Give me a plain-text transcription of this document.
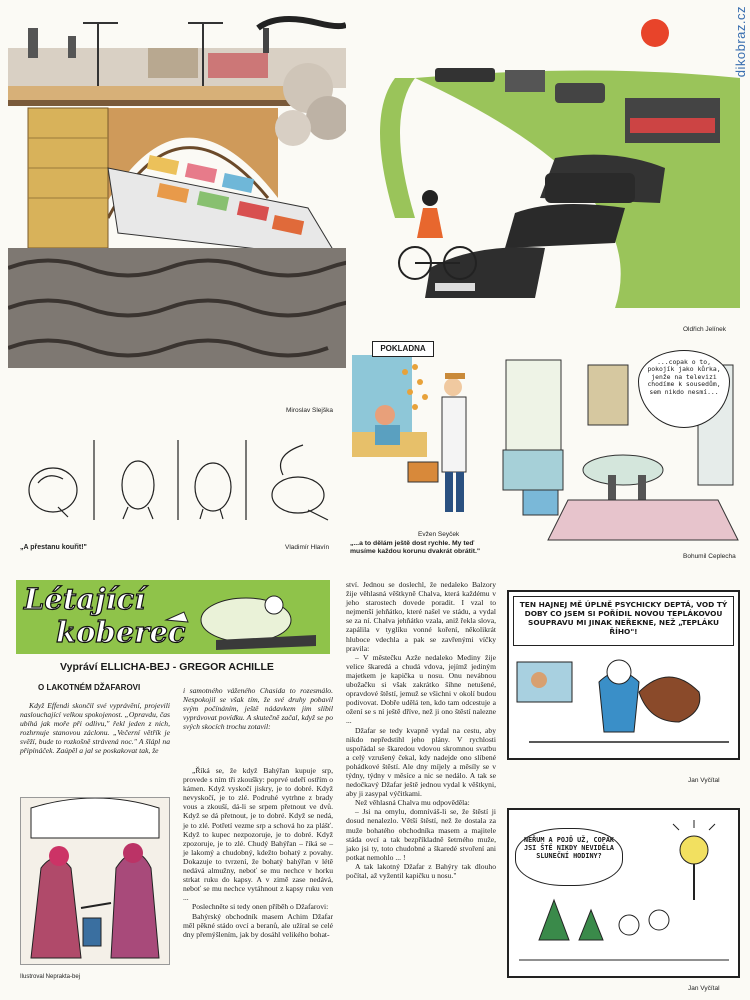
dikobraz.cz
Miroslav Slejška
Oldřich Jelínek
„A přestanu kouřit!"	Vladimír Hlavín
POKLADNA
Evžen Seyček
„...a to dělám ještě dost rychle. My teď musíme každou korunu dvakrát obrátit."
...copak o to, pokojík jako kůrka, jenže na televizi chodíme k sousedům, sem nikdo nesmí...
Bohumil Ceplecha
Létající
koberec
Vypráví ELLICHA-BEJ - GREGOR ACHILLE
O LAKOTNÉM DŽAFAROVI

Když Effendi skončil své vyprávění, projevili naslouchající velkou spokojenost. „Opravdu, čas ubíhá jak moře při odlivu," řekl jeden z nich, rozhrnuje stanovou záclonu. „Večerní větřík je svěží, bude to rozkošně strávená noc." A šlápl na připínáček. Zaúpěl a jal se poskakovat tak, že

i samotného váženého Chasida to rozesmálo. Nespokojil se však tím, že své druhy pobavil svým počínáním, ještě nádavkem jim slíbil vyprávovat povídku. A skutečně začal, když se po svých skocích trochu zotavil:

Ilustroval Neprakta-bej

„Říká se, že když Bahýřan kupuje srp, provede s ním tři zkoušky: poprvé udeří ostřím o kámen. Když vyskočí jiskry, je to dobré. Když nevyskočí, je to zlé. Podruhé vytrhne z brady vous a zkouší, dá-li se srpem přetnout ve dvů. Když se dá přetnout, je to dobré. Když se nedá, je to zlé. Potřetí vezme srp a schová ho za plášť. Když to kupec nezpozoruje, je to dobré. Když zpozoruje, je to zlé. Chudý Bahýřan – říká se – je lakomý a chudobný, kdežto bohatý z povahy. Dokazuje to tvrzení, že bohatý bahýřan v létě nedává almužny, neboť se mu nechce v horku strkat ruku do kapsy. A v zimě zase nedává, neboť se mu nechce vytáhnout z kapsy ruku ven ...

Poslechněte si tedy onen příběh o Džafarovi:

Bahýrský obchodník masem Achim Džafar měl pěkné stádo ovcí a beranů, ale užíral se celé dny přemýšlením, jak by dosáhl velikého bohat-

ství. Jednou se doslechl, že nedaleko Balzory žije věhlasná věštkyně Chalva, která každému v jeho starostech dovede poradit. I vzal to nejmenší jehňátko, které našel ve stádu, a vydal se za ní. Chalva jehňátko vzala, aniž řekla slova, zapálila v tyglíku vonné koření, několikrát hluboce vdechla a pak se zavřenými víčky pravila:

– V městečku Azže nedaleko Mediny žije velice škaredá a chudá vdova, jejímž jediným majetkem je kapička u nosu. Onu nevábnou ubožačku si však zakrátko šíhne netušené, opravdové štěstí, jemuž se všichni v okolí budou podivovat. Dobře udělá ten, kdo tam odcestuje a ožení se s ní ještě dříve, než ji ono štěstí nalezne ...

Džafar se tedy kvapně vydal na cestu, aby nikdo nepředstihl jeho plány. V rychlosti uspořádal se škaredou vdovou skromnou svatbu a celý vzrušený čekal, kdy nadejde ono slíbené pohádkové štěstí. Ale dny míjely a měsíly se v týdny, týdny v měsíce a nic se nedálo. A tak se nedočkavý Džafar ještě jednou vydal k věštkyni, aby ji zasypal výčitkami.

Než věhlasná Chalva mu odpověděla:

– Jsi na omylu, domníváš-li se, že štěstí ji dosud nenalezlo. Větší štěstí, než že dostala za muže bohatého obchodníka masem a majitele stáda ovcí a tak bezpříkladně šetrného muže, jako jsi ty, toto chudobné a škaredé stvoření ani potkat nemohlo ... !

A tak lakotný Džafar z Bahýry tak dlouho počítal, až vyžentil kapičku u nosu."

TEN HAJNEJ MĚ ÚPLNĚ PSYCHICKY DEPTÁ, VOD TÝ DOBY CO JSEM SI POŘÍDIL NOVOU TEPLÁKOVOU SOUPRAVU MI JINAK NEŘEKNE, NEŽ „TEPLÁKU ŘÍHO"!
Jan Vyčítal
NEŘUM A POJĎ UŽ, COPAK JSI ŠTĚ NIKDY NEVIDĚLA SLUNEČNÍ HODINY?
Jan Vyčítal
